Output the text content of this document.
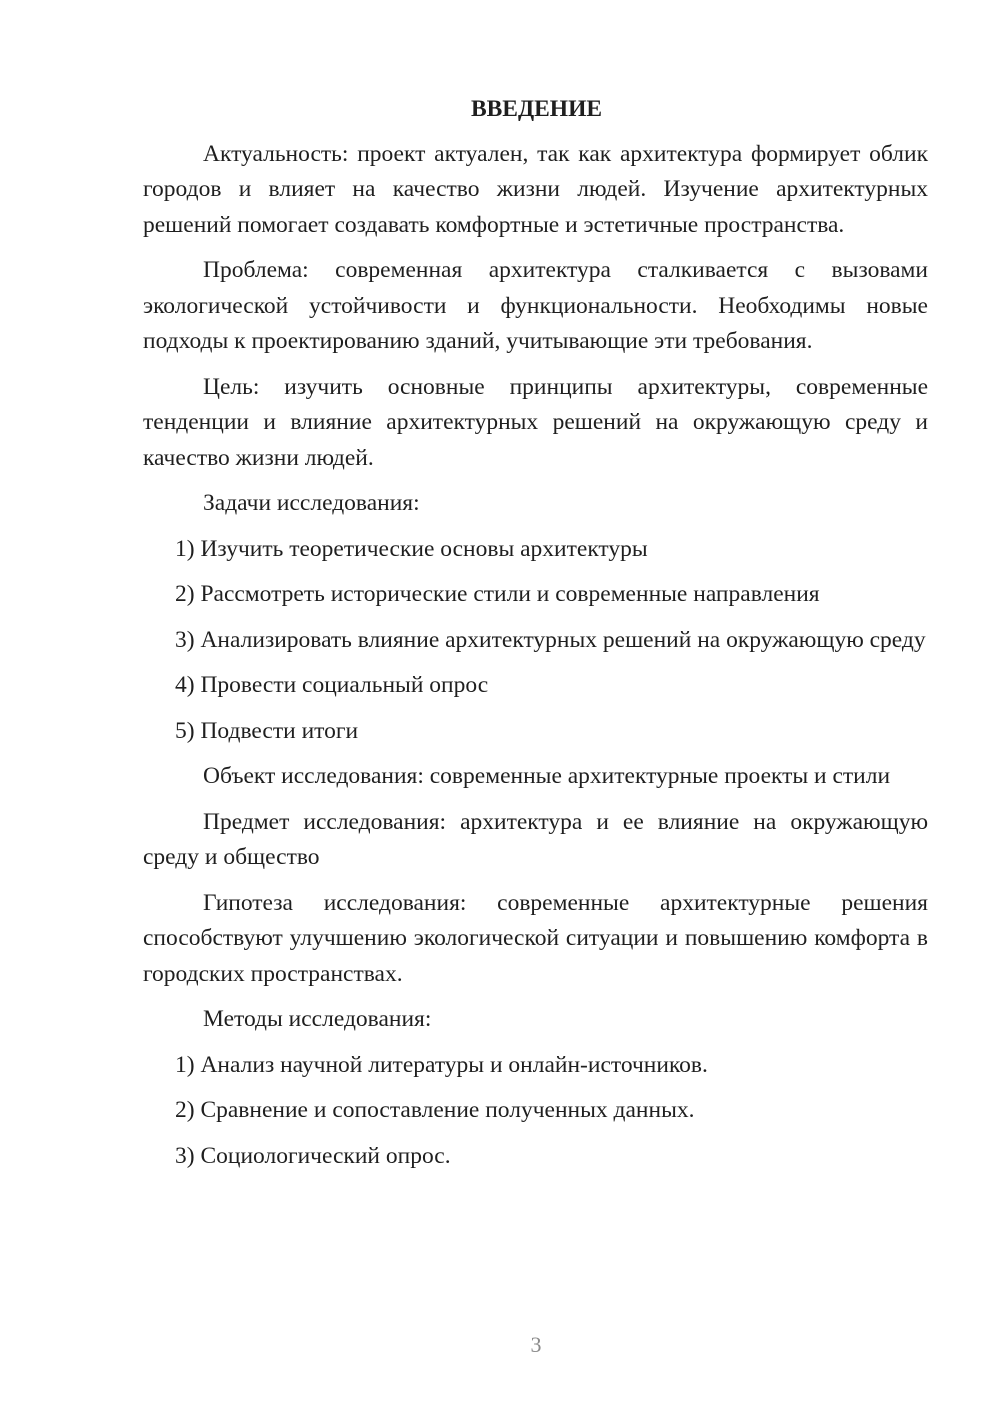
ВВЕДЕНИЕ

Актуальность: проект актуален, так как архитектура формирует облик городов и влияет на качество жизни людей. Изучение архитектурных решений помогает создавать комфортные и эстетичные пространства.

Проблема: современная архитектура сталкивается с вызовами экологической устойчивости и функциональности. Необходимы новые подходы к проектированию зданий, учитывающие эти требования.

Цель: изучить основные принципы архитектуры, современные тенденции и влияние архитектурных решений на окружающую среду и качество жизни людей.

Задачи исследования:

1) Изучить теоретические основы архитектуры

2) Рассмотреть исторические стили и современные направления

3) Анализировать влияние архитектурных решений на окружающую среду

4) Провести социальный опрос

5) Подвести итоги

Объект исследования: современные архитектурные проекты и стили

Предмет исследования: архитектура и ее влияние на окружающую среду и общество

Гипотеза исследования: современные архитектурные решения способствуют улучшению экологической ситуации и повышению комфорта в городских пространствах.

Методы исследования:

1) Анализ научной литературы и онлайн-источников.

2) Сравнение и сопоставление полученных данных.

3) Социологический опрос.

3
